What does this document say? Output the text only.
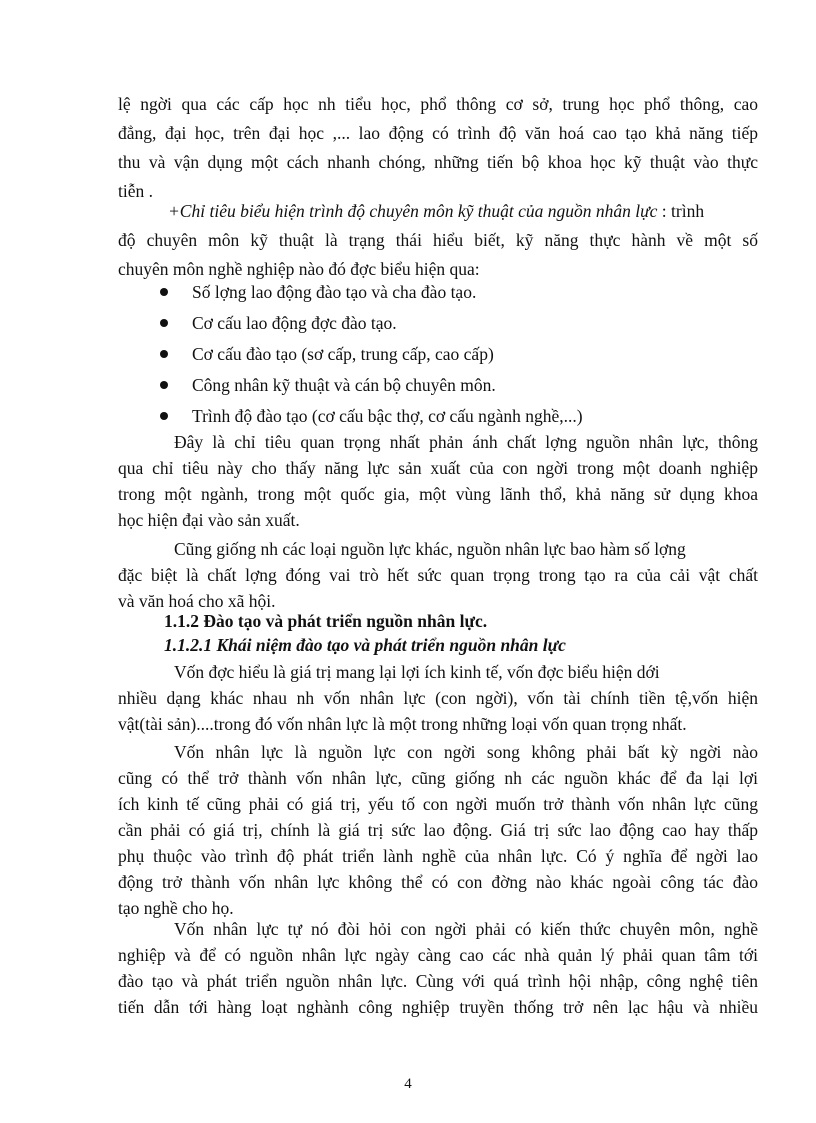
lệ ngời qua các cấp học nh tiểu học, phổ thông cơ sở, trung học phổ thông, cao
đẳng, đại học, trên đại học ,... lao động có trình độ văn hoá cao tạo khả năng tiếp
thu và vận dụng một cách nhanh chóng, những tiến bộ khoa học kỹ thuật vào thực
tiễn .
+Chỉ tiêu biểu hiện trình độ chuyên môn kỹ thuật của nguồn nhân lực : trình
độ chuyên môn kỹ thuật là trạng thái hiểu biết, kỹ năng thực hành về một số
chuyên môn nghề nghiệp nào đó đợc biểu hiện qua:
Số lợng lao động đào tạo và cha đào tạo.
Cơ cấu lao động đợc đào tạo.
Cơ cấu đào tạo (sơ cấp, trung cấp, cao cấp)
Công nhân kỹ thuật và cán bộ chuyên môn.
Trình độ đào tạo (cơ cấu bậc thợ, cơ cấu ngành nghề,...)
Đây là chỉ tiêu quan trọng nhất phản ánh chất lợng nguồn nhân lực, thông
qua chỉ tiêu này cho thấy năng lực sản xuất của con ngời trong một doanh nghiệp
trong một ngành, trong một quốc gia, một vùng lãnh thổ, khả năng sử dụng khoa
học hiện đại vào sản xuất.
Cũng giống nh các loại nguồn lực khác, nguồn nhân lực bao hàm số lợng
đặc biệt là chất lợng đóng vai trò hết sức quan trọng trong tạo ra của cải vật chất
và văn hoá cho xã hội.
1.1.2 Đào tạo và phát triển nguồn nhân lực.
1.1.2.1 Khái niệm đào tạo và phát triển nguồn nhân lực
Vốn đợc hiểu là giá trị mang lại lợi ích kinh tế, vốn đợc biểu hiện dới
nhiều dạng khác nhau nh vốn nhân lực (con ngời), vốn tài chính tiền tệ,vốn hiện
vật(tài sản)....trong đó vốn nhân lực là một trong những loại vốn quan trọng nhất.
Vốn nhân lực là nguồn lực con ngời song không phải bất kỳ ngời nào
cũng có thể trở thành vốn nhân lực, cũng giống nh các nguồn khác để đa lại lợi
ích kinh tế cũng phải có giá trị, yếu tố con ngời muốn trở thành vốn nhân lực cũng
cần phải có giá trị, chính là giá trị sức lao động. Giá trị sức lao động cao hay thấp
phụ thuộc vào trình độ phát triển lành nghề của nhân lực. Có ý nghĩa để ngời lao
động trở thành vốn nhân lực không thể có con đờng nào khác ngoài công tác đào
tạo nghề cho họ.
Vốn nhân lực tự nó đòi hỏi con ngời phải có kiến thức chuyên môn, nghề
nghiệp và để có nguồn nhân lực ngày càng cao các nhà quản lý phải quan tâm tới
đào tạo và phát triển nguồn nhân lực. Cùng với quá trình hội nhập, công nghệ tiên
tiến dẫn tới hàng loạt nghành công nghiệp truyền thống trở nên lạc hậu và nhiều
4
